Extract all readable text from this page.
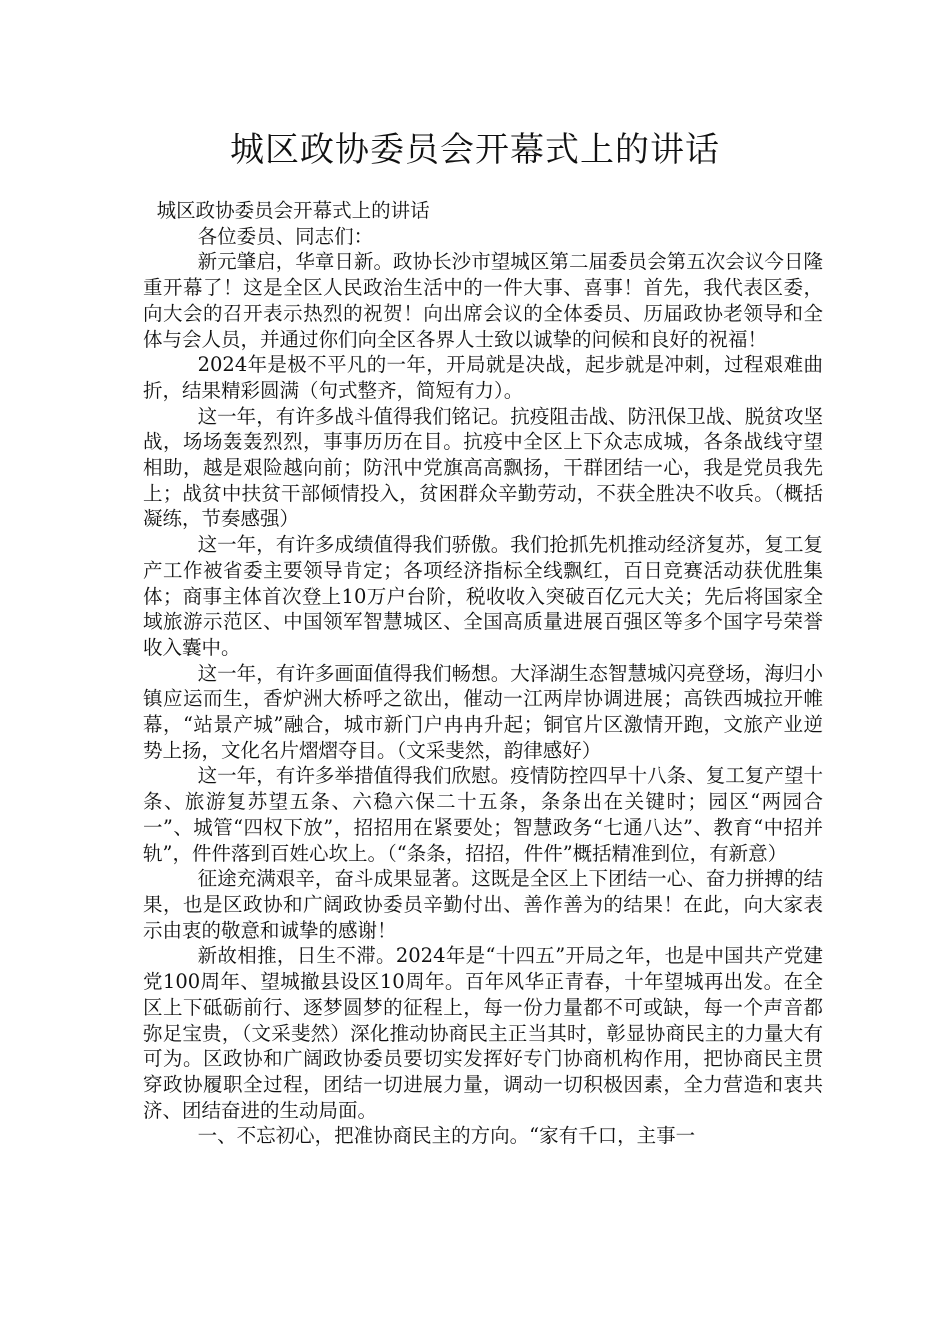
城区政协委员会开幕式上的讲话

城区政协委员会开幕式上的讲话

各位委员、同志们：

新元肇启，华章日新。政协长沙市望城区第二届委员会第五次会议今日隆重开幕了！这是全区人民政治生活中的一件大事、喜事！首先，我代表区委，向大会的召开表示热烈的祝贺！向出席会议的全体委员、历届政协老领导和全体与会人员，并通过你们向全区各界人士致以诚挚的问候和良好的祝福！

2024年是极不平凡的一年，开局就是决战，起步就是冲刺，过程艰难曲折，结果精彩圆满（句式整齐，简短有力）。

这一年，有许多战斗值得我们铭记。抗疫阻击战、防汛保卫战、脱贫攻坚战，场场轰轰烈烈，事事历历在目。抗疫中全区上下众志成城，各条战线守望相助，越是艰险越向前；防汛中党旗高高飘扬，干群团结一心，我是党员我先上；战贫中扶贫干部倾情投入，贫困群众辛勤劳动，不获全胜决不收兵。（概括凝练，节奏感强）

这一年，有许多成绩值得我们骄傲。我们抢抓先机推动经济复苏，复工复产工作被省委主要领导肯定；各项经济指标全线飘红，百日竞赛活动获优胜集体；商事主体首次登上10万户台阶，税收收入突破百亿元大关；先后将国家全域旅游示范区、中国领军智慧城区、全国高质量进展百强区等多个国字号荣誉收入囊中。

这一年，有许多画面值得我们畅想。大泽湖生态智慧城闪亮登场，海归小镇应运而生，香炉洲大桥呼之欲出，催动一江两岸协调进展；高铁西城拉开帷幕，“站景产城”融合，城市新门户冉冉升起；铜官片区激情开跑，文旅产业逆势上扬，文化名片熠熠夺目。（文采斐然，韵律感好）

这一年，有许多举措值得我们欣慰。疫情防控四早十八条、复工复产望十条、旅游复苏望五条、六稳六保二十五条，条条出在关键时；园区“两园合一”、城管“四权下放”，招招用在紧要处；智慧政务“七通八达”、教育“中招并轨”，件件落到百姓心坎上。（“条条，招招，件件”概括精准到位，有新意）

征途充满艰辛，奋斗成果显著。这既是全区上下团结一心、奋力拼搏的结果，也是区政协和广阔政协委员辛勤付出、善作善为的结果！在此，向大家表示由衷的敬意和诚挚的感谢！

新故相推，日生不滞。2024年是“十四五”开局之年，也是中国共产党建党100周年、望城撤县设区10周年。百年风华正青春，十年望城再出发。在全区上下砥砺前行、逐梦圆梦的征程上，每一份力量都不可或缺，每一个声音都弥足宝贵，（文采斐然）深化推动协商民主正当其时，彰显协商民主的力量大有可为。区政协和广阔政协委员要切实发挥好专门协商机构作用，把协商民主贯穿政协履职全过程，团结一切进展力量，调动一切积极因素，全力营造和衷共济、团结奋进的生动局面。

一、不忘初心，把准协商民主的方向。“家有千口，主事一
